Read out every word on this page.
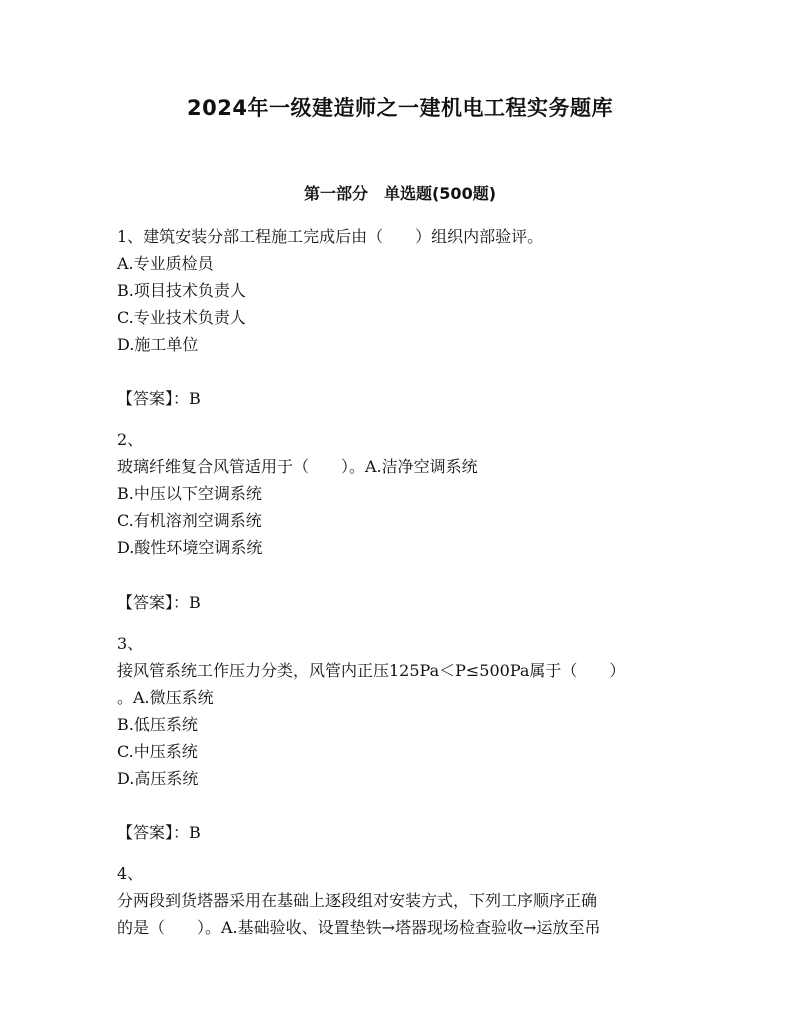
2024年一级建造师之一建机电工程实务题库
第一部分　单选题(500题)
1、建筑安装分部工程施工完成后由（　　）组织内部验评。
A.专业质检员
B.项目技术负责人
C.专业技术负责人
D.施工单位
【答案】：B
2、
玻璃纤维复合风管适用于（　　）。A.洁净空调系统
B.中压以下空调系统
C.有机溶剂空调系统
D.酸性环境空调系统
【答案】：B
3、
接风管系统工作压力分类，风管内正压125Pa＜P≤500Pa属于（　　）
。A.微压系统
B.低压系统
C.中压系统
D.高压系统
【答案】：B
4、
分两段到货塔器采用在基础上逐段组对安装方式，下列工序顺序正确
的是（　　）。A.基础验收、设置垫铁→塔器现场检查验收→运放至吊
